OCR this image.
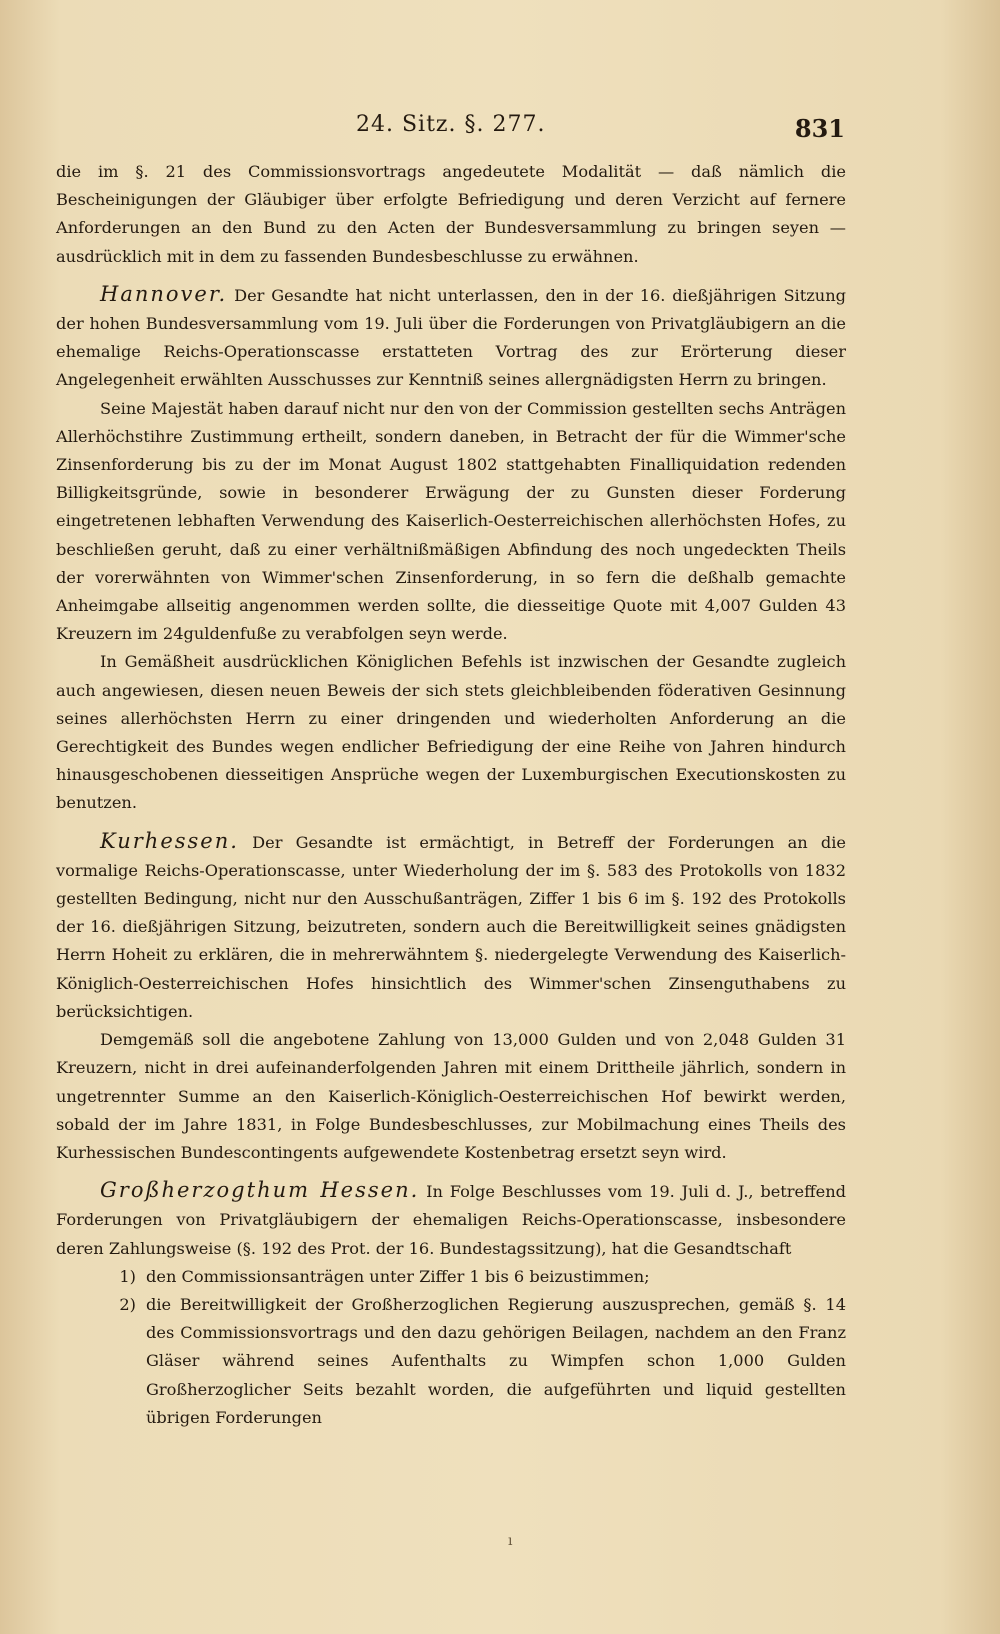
24. Sitz. §. 277.	831

die im §. 21 des Commissionsvortrags angedeutete Modalität — daß nämlich die Bescheinigungen der Gläubiger über erfolgte Befriedigung und deren Verzicht auf fernere Anforderungen an den Bund zu den Acten der Bundesversammlung zu bringen seyen — ausdrücklich mit in dem zu fassenden Bundesbeschlusse zu erwähnen.

Hannover. Der Gesandte hat nicht unterlassen, den in der 16. dießjährigen Sitzung der hohen Bundesversammlung vom 19. Juli über die Forderungen von Privatgläubigern an die ehemalige Reichs-Operationscasse erstatteten Vortrag des zur Erörterung dieser Angelegenheit erwählten Ausschusses zur Kenntniß seines allergnädigsten Herrn zu bringen.

Seine Majestät haben darauf nicht nur den von der Commission gestellten sechs Anträgen Allerhöchstihre Zustimmung ertheilt, sondern daneben, in Betracht der für die Wimmer'sche Zinsenforderung bis zu der im Monat August 1802 stattgehabten Finalliquidation redenden Billigkeitsgründe, sowie in besonderer Erwägung der zu Gunsten dieser Forderung eingetretenen lebhaften Verwendung des Kaiserlich-Oesterreichischen allerhöchsten Hofes, zu beschließen geruht, daß zu einer verhältnißmäßigen Abfindung des noch ungedeckten Theils der vorerwähnten von Wimmer'schen Zinsenforderung, in so fern die deßhalb gemachte Anheimgabe allseitig angenommen werden sollte, die diesseitige Quote mit 4,007 Gulden 43 Kreuzern im 24guldenfuße zu verabfolgen seyn werde.

In Gemäßheit ausdrücklichen Königlichen Befehls ist inzwischen der Gesandte zugleich auch angewiesen, diesen neuen Beweis der sich stets gleichbleibenden föderativen Gesinnung seines allerhöchsten Herrn zu einer dringenden und wiederholten Anforderung an die Gerechtigkeit des Bundes wegen endlicher Befriedigung der eine Reihe von Jahren hindurch hinausgeschobenen diesseitigen Ansprüche wegen der Luxemburgischen Executionskosten zu benutzen.

Kurhessen. Der Gesandte ist ermächtigt, in Betreff der Forderungen an die vormalige Reichs-Operationscasse, unter Wiederholung der im §. 583 des Protokolls von 1832 gestellten Bedingung, nicht nur den Ausschußanträgen, Ziffer 1 bis 6 im §. 192 des Protokolls der 16. dießjährigen Sitzung, beizutreten, sondern auch die Bereitwilligkeit seines gnädigsten Herrn Hoheit zu erklären, die in mehrerwähntem §. niedergelegte Verwendung des Kaiserlich-Königlich-Oesterreichischen Hofes hinsichtlich des Wimmer'schen Zinsenguthabens zu berücksichtigen.

Demgemäß soll die angebotene Zahlung von 13,000 Gulden und von 2,048 Gulden 31 Kreuzern, nicht in drei aufeinanderfolgenden Jahren mit einem Drittheile jährlich, sondern in ungetrennter Summe an den Kaiserlich-Königlich-Oesterreichischen Hof bewirkt werden, sobald der im Jahre 1831, in Folge Bundesbeschlusses, zur Mobilmachung eines Theils des Kurhessischen Bundescontingents aufgewendete Kostenbetrag ersetzt seyn wird.

Großherzogthum Hessen. In Folge Beschlusses vom 19. Juli d. J., betreffend Forderungen von Privatgläubigern der ehemaligen Reichs-Operationscasse, insbesondere deren Zahlungsweise (§. 192 des Prot. der 16. Bundestagssitzung), hat die Gesandtschaft

1) den Commissionsanträgen unter Ziffer 1 bis 6 beizustimmen;
2) die Bereitwilligkeit der Großherzoglichen Regierung auszusprechen, gemäß §. 14 des Commissionsvortrags und den dazu gehörigen Beilagen, nachdem an den Franz Gläser während seines Aufenthalts zu Wimpfen schon 1,000 Gulden Großherzoglicher Seits bezahlt worden, die aufgeführten und liquid gestellten übrigen Forderungen
ı
